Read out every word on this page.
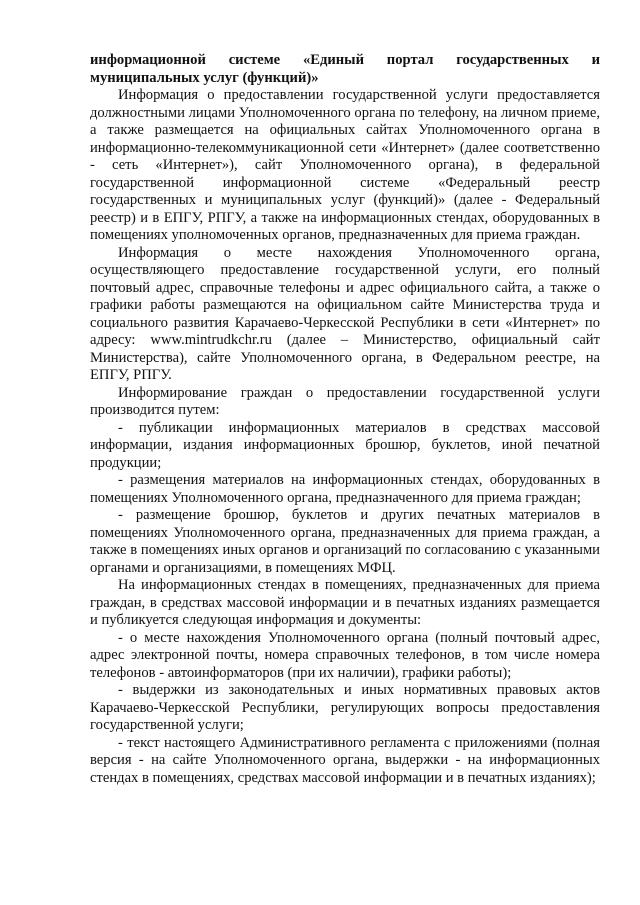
информационной системе «Единый портал государственных и муниципальных услуг (функций)»

Информация о предоставлении государственной услуги предоставляется должностными лицами Уполномоченного органа по телефону, на личном приеме, а также размещается на официальных сайтах Уполномоченного органа в информационно-телекоммуникационной сети «Интернет» (далее соответственно - сеть «Интернет»), сайт Уполномоченного органа), в федеральной государственной информационной системе «Федеральный реестр государственных и муниципальных услуг (функций)» (далее - Федеральный реестр) и в ЕПГУ, РПГУ, а также на информационных стендах, оборудованных в помещениях уполномоченных органов, предназначенных для приема граждан.

Информация о месте нахождения Уполномоченного органа, осуществляющего предоставление государственной услуги, его полный почтовый адрес, справочные телефоны и адрес официального сайта, а также о графики работы размещаются на официальном сайте Министерства труда и социального развития Карачаево-Черкесской Республики в сети «Интернет» по адресу: www.mintrudkchr.ru (далее – Министерство, официальный сайт Министерства), сайте Уполномоченного органа, в Федеральном реестре, на ЕПГУ, РПГУ.

Информирование граждан о предоставлении государственной услуги производится путем:

- публикации информационных материалов в средствах массовой информации, издания информационных брошюр, буклетов, иной печатной продукции;

- размещения материалов на информационных стендах, оборудованных в помещениях Уполномоченного органа, предназначенного для приема граждан;

- размещение брошюр, буклетов и других печатных материалов в помещениях Уполномоченного органа, предназначенных для приема граждан, а также в помещениях иных органов и организаций по согласованию с указанными органами и организациями, в помещениях МФЦ.

На информационных стендах в помещениях, предназначенных для приема граждан, в средствах массовой информации и в печатных изданиях размещается и публикуется следующая информация и документы:

- о месте нахождения Уполномоченного органа (полный почтовый адрес, адрес электронной почты, номера справочных телефонов, в том числе номера телефонов - автоинформаторов (при их наличии), графики работы);

- выдержки из законодательных и иных нормативных правовых актов Карачаево-Черкесской Республики, регулирующих вопросы предоставления государственной услуги;

- текст настоящего Административного регламента с приложениями (полная версия - на сайте Уполномоченного органа, выдержки - на информационных стендах в помещениях, средствах массовой информации и в печатных изданиях);
